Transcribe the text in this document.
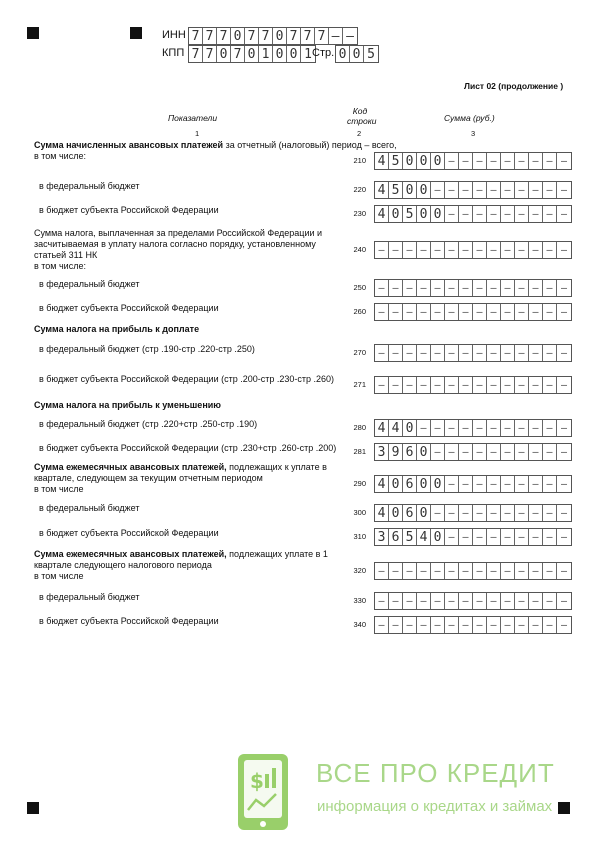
ИНН 7 7 7 0 7 7 0 7 7 7 – –
КПП 7 7 0 7 0 1 0 0 1 Стр. 0 0 5
Лист 02 (продолжение )
Показатели
Код строки	Сумма (руб.)
1	2	3
Сумма начисленных авансовых платежей за отчетный (налоговый) период – всего,
в том числе:	210 4 5 0 0 0 – – – – – – – – –
в федеральный бюджет	220 4 5 0 0 – – – – – – – – – –
в бюджет субъекта Российской Федерации	230 4 0 5 0 0 – – – – – – – – –
Сумма налога, выплаченная за пределами Российской Федерации и
засчитываемая в уплату налога согласно порядку, установленному
статьей 311 НК
в том числе:
240	– – – – – – – – – – – – – –
в федеральный бюджет	250	– – – – – – – – – – – – – –
в бюджет субъекта Российской Федерации	260	– – – – – – – – – – – – – –
Сумма налога на прибыль к доплате
в федеральный бюджет (стр .190-стр .220-стр .250)	270	– – – – – – – – – – – – – –
в бюджет субъекта Российской Федерации (стр .200-стр .230-стр .260)
271	– – – – – – – – – – – – – –
Сумма налога на прибыль к уменьшению
в федеральный бюджет (стр .220+стр .250-стр .190)	280 4 4 0 – – – – – – – – – – –
в бюджет субъекта Российской Федерации (стр .230+стр .260-стр .200)	281 3 9 6 0 – – – – – – – – – –
Сумма ежемесячных авансовых платежей, подлежащих к уплате в
квартале, следующем за текущим отчетным периодом
в том числе
290 4 0 6 0 0 – – – – – – – – –
в федеральный бюджет	300 4 0 6 0 – – – – – – – – – –
в бюджет субъекта Российской Федерации	310 3 6 5 4 0 – – – – – – – – –
Сумма ежемесячных авансовых платежей, подлежащих уплате в 1
квартале следующего налогового периода
в том числе
320	– – – – – – – – – – – – – –
в федеральный бюджет	330	– – – – – – – – – – – – – –
в бюджет субъекта Российской Федерации	340	– – – – – – – – – – – – – –
$ ВСЕ ПРО КРЕДИТ
информация о кредитах и займах
